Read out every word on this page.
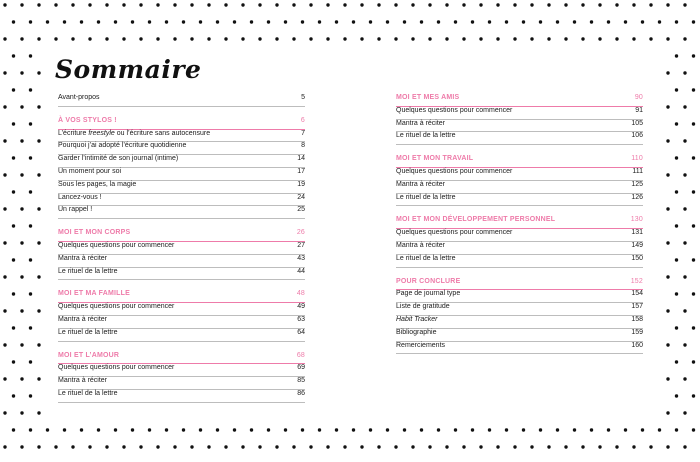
Sommaire
Avant-propos	5
À VOS STYLOS !	6
L’écriture freestyle ou l’écriture sans autocensure	7
Pourquoi j’ai adopté l’écriture quotidienne	8
Garder l’intimité de son journal (intime)	14
Un moment pour soi	17
Sous les pages, la magie	19
Lancez-vous !	24
Un rappel !	25
MOI ET MON CORPS	26
Quelques questions pour commencer	27
Mantra à réciter	43
Le rituel de la lettre	44
MOI ET MA FAMILLE	48
Quelques questions pour commencer	49
Mantra à réciter	63
Le rituel de la lettre	64
MOI ET L’AMOUR	68
Quelques questions pour commencer	69
Mantra à réciter	85
Le rituel de la lettre	86
MOI ET MES AMIS	90
Quelques questions pour commencer	91
Mantra à réciter	105
Le rituel de la lettre	106
MOI ET MON TRAVAIL	110
Quelques questions pour commencer	111
Mantra à réciter	125
Le rituel de la lettre	126
MOI ET MON DÉVELOPPEMENT PERSONNEL	130
Quelques questions pour commencer	131
Mantra à réciter	149
Le rituel de la lettre	150
POUR CONCLURE	152
Page de journal type	154
Liste de gratitude	157
Habit Tracker	158
Bibliographie	159
Remerciements	160
